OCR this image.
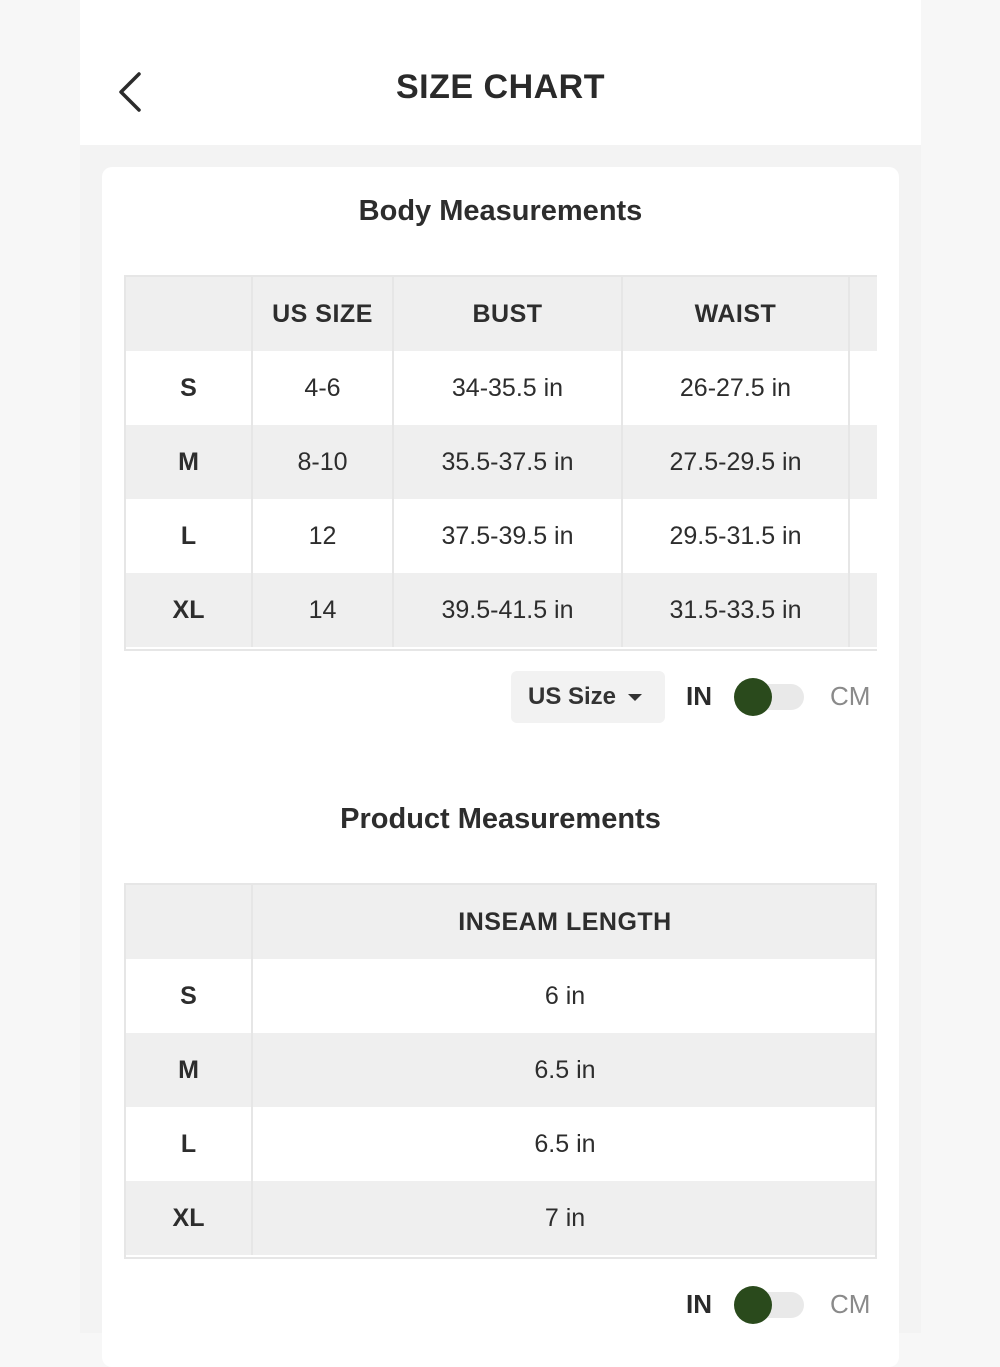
SIZE CHART
Body Measurements
	US SIZE	BUST	WAIST	
S	4-6	34-35.5 in	26-27.5 in	
M	8-10	35.5-37.5 in	27.5-29.5 in	
L	12	37.5-39.5 in	29.5-31.5 in	
XL	14	39.5-41.5 in	31.5-33.5 in	
US Size	IN	CM
Product Measurements
	INSEAM LENGTH
S	6 in
M	6.5 in
L	6.5 in
XL	7 in
IN	CM
